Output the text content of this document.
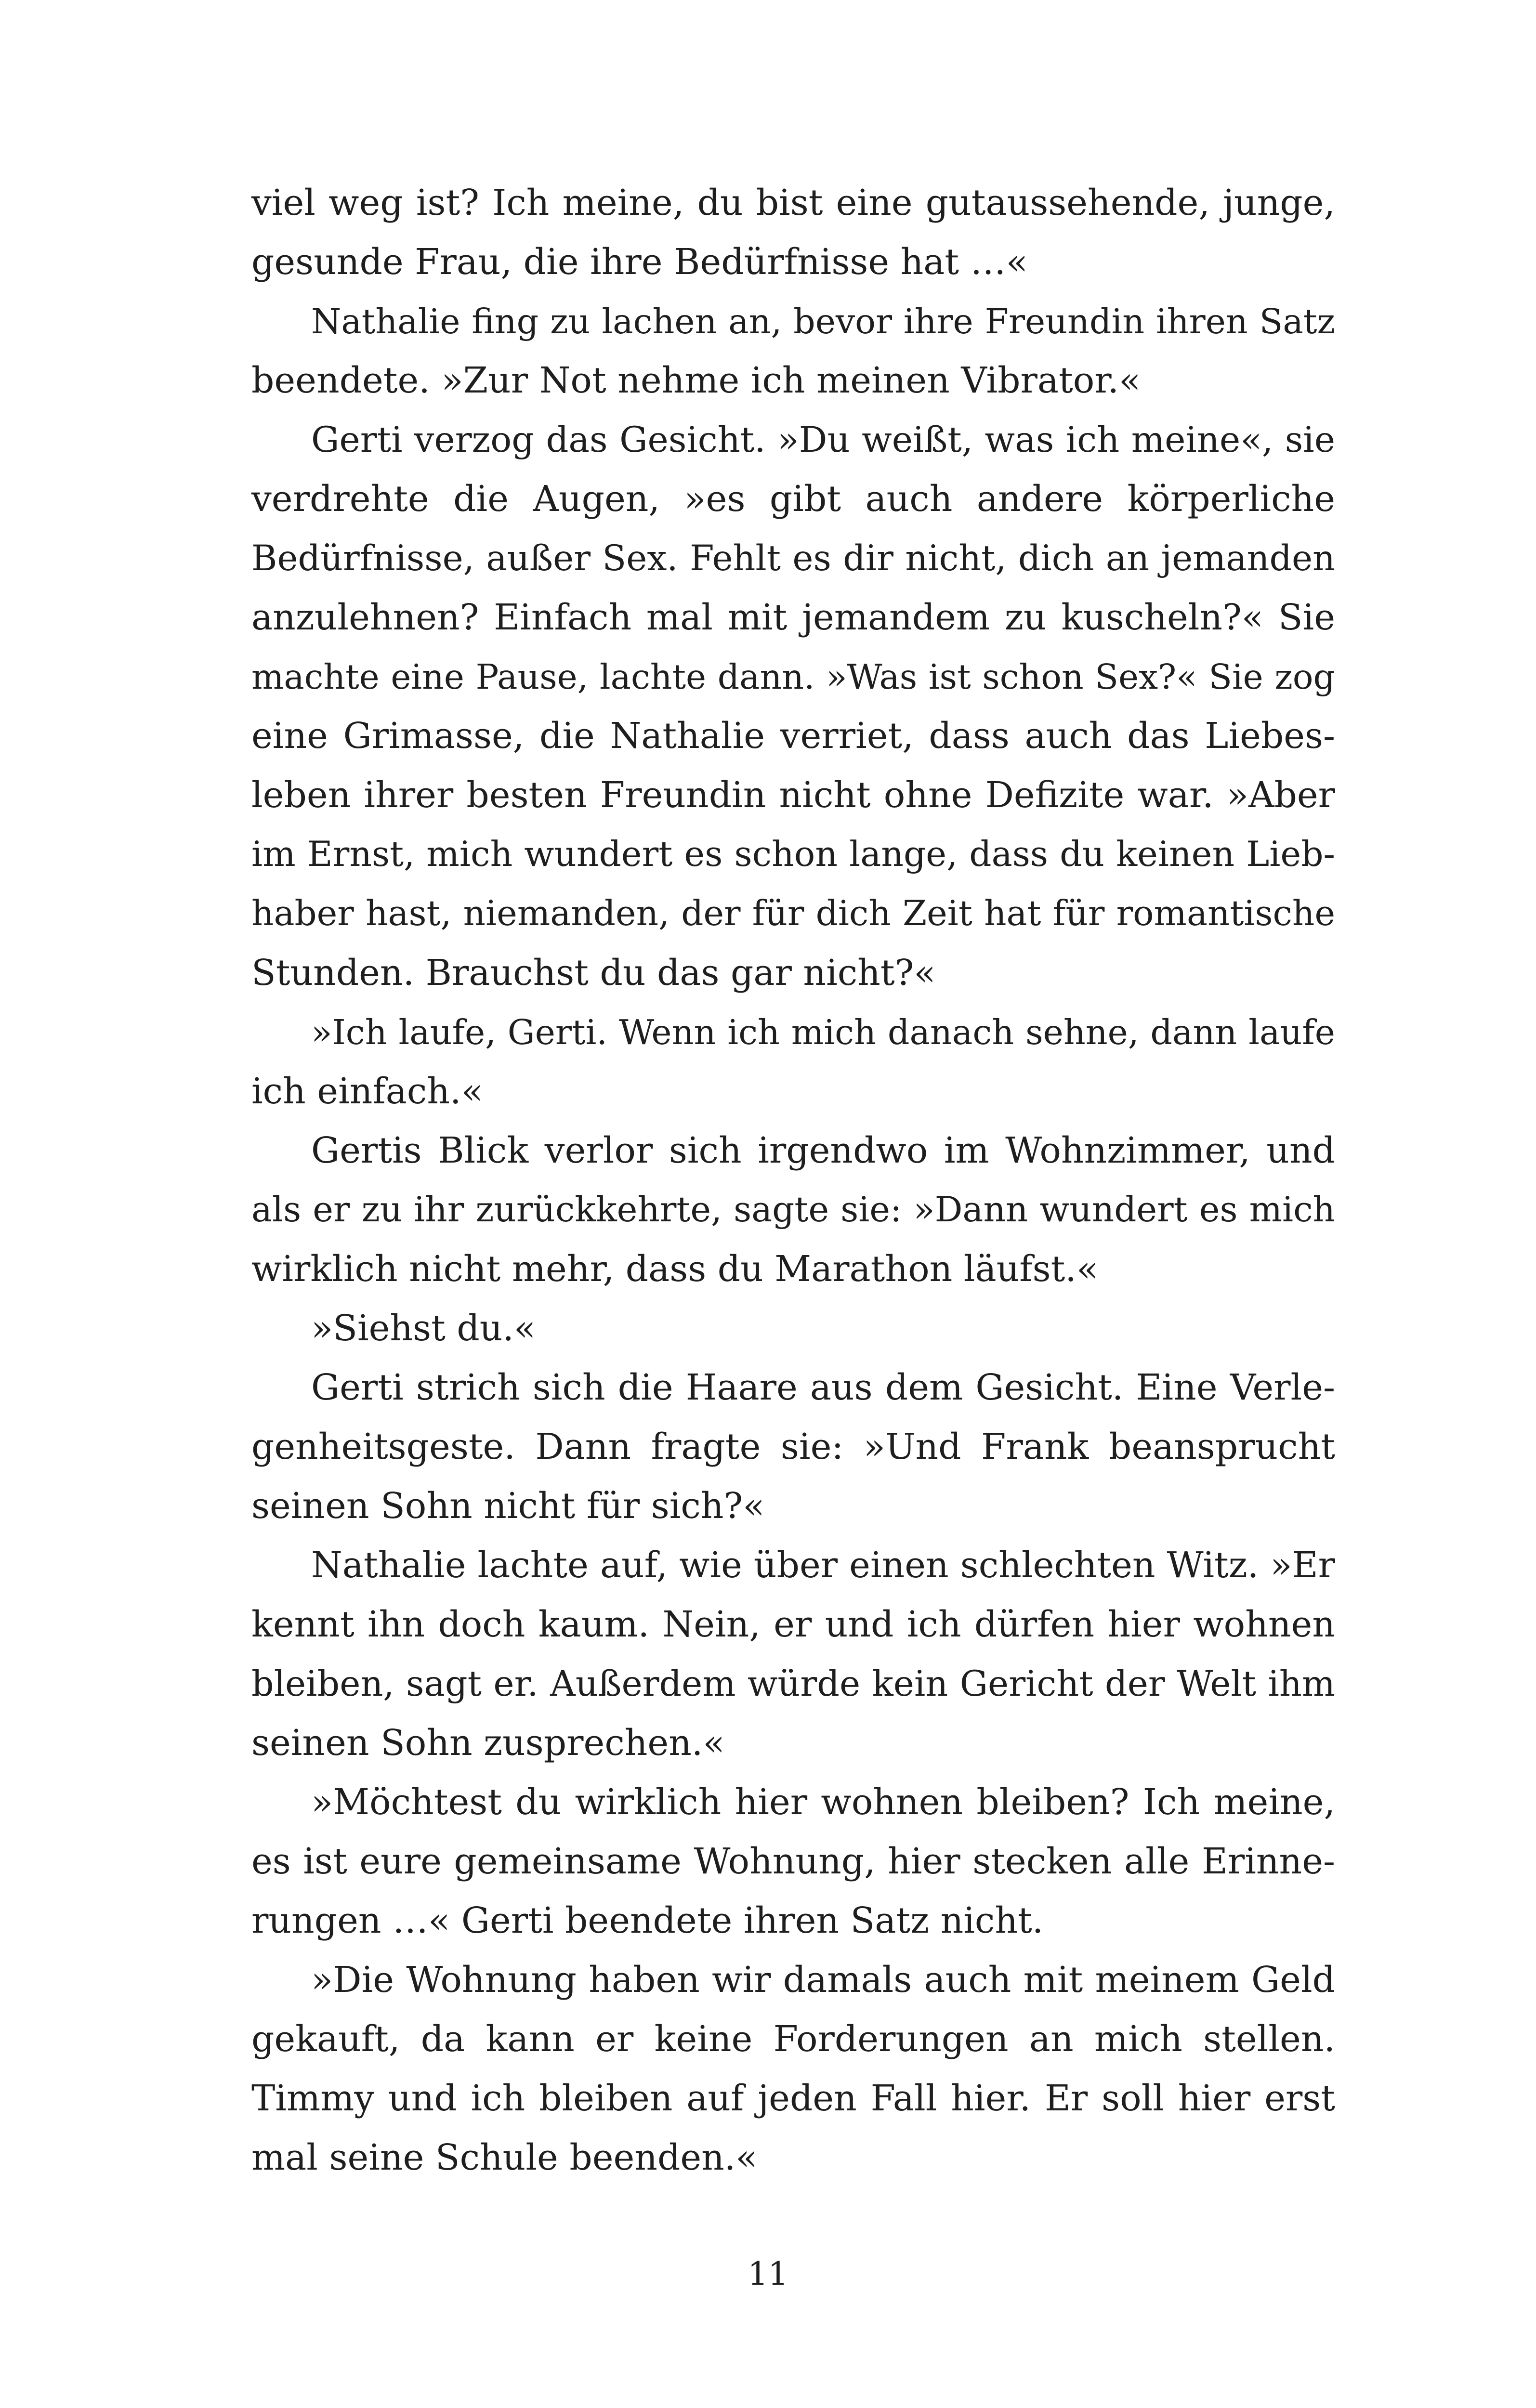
viel weg ist? Ich meine, du bist eine gutaussehende, junge,
gesunde Frau, die ihre Bedürfnisse hat …«
Nathalie fing zu lachen an, bevor ihre Freundin ihren Satz
beendete. »Zur Not nehme ich meinen Vibrator.«
Gerti verzog das Gesicht. »Du weißt, was ich meine«, sie
verdrehte die Augen, »es gibt auch andere körperliche
Bedürfnisse, außer Sex. Fehlt es dir nicht, dich an jemanden
anzulehnen? Einfach mal mit jemandem zu kuscheln?« Sie
machte eine Pause, lachte dann. »Was ist schon Sex?« Sie zog
eine Grimasse, die Nathalie verriet, dass auch das Liebes-
leben ihrer besten Freundin nicht ohne Defizite war. »Aber
im Ernst, mich wundert es schon lange, dass du keinen Lieb-
haber hast, niemanden, der für dich Zeit hat für romantische
Stunden. Brauchst du das gar nicht?«
»Ich laufe, Gerti. Wenn ich mich danach sehne, dann laufe
ich einfach.«
Gertis Blick verlor sich irgendwo im Wohnzimmer, und
als er zu ihr zurückkehrte, sagte sie: »Dann wundert es mich
wirklich nicht mehr, dass du Marathon läufst.«
»Siehst du.«
Gerti strich sich die Haare aus dem Gesicht. Eine Verle-
genheitsgeste. Dann fragte sie: »Und Frank beansprucht
seinen Sohn nicht für sich?«
Nathalie lachte auf, wie über einen schlechten Witz. »Er
kennt ihn doch kaum. Nein, er und ich dürfen hier wohnen
bleiben, sagt er. Außerdem würde kein Gericht der Welt ihm
seinen Sohn zusprechen.«
»Möchtest du wirklich hier wohnen bleiben? Ich meine,
es ist eure gemeinsame Wohnung, hier stecken alle Erinne-
rungen …« Gerti beendete ihren Satz nicht.
»Die Wohnung haben wir damals auch mit meinem Geld
gekauft, da kann er keine Forderungen an mich stellen.
Timmy und ich bleiben auf jeden Fall hier. Er soll hier erst
mal seine Schule beenden.«
11
